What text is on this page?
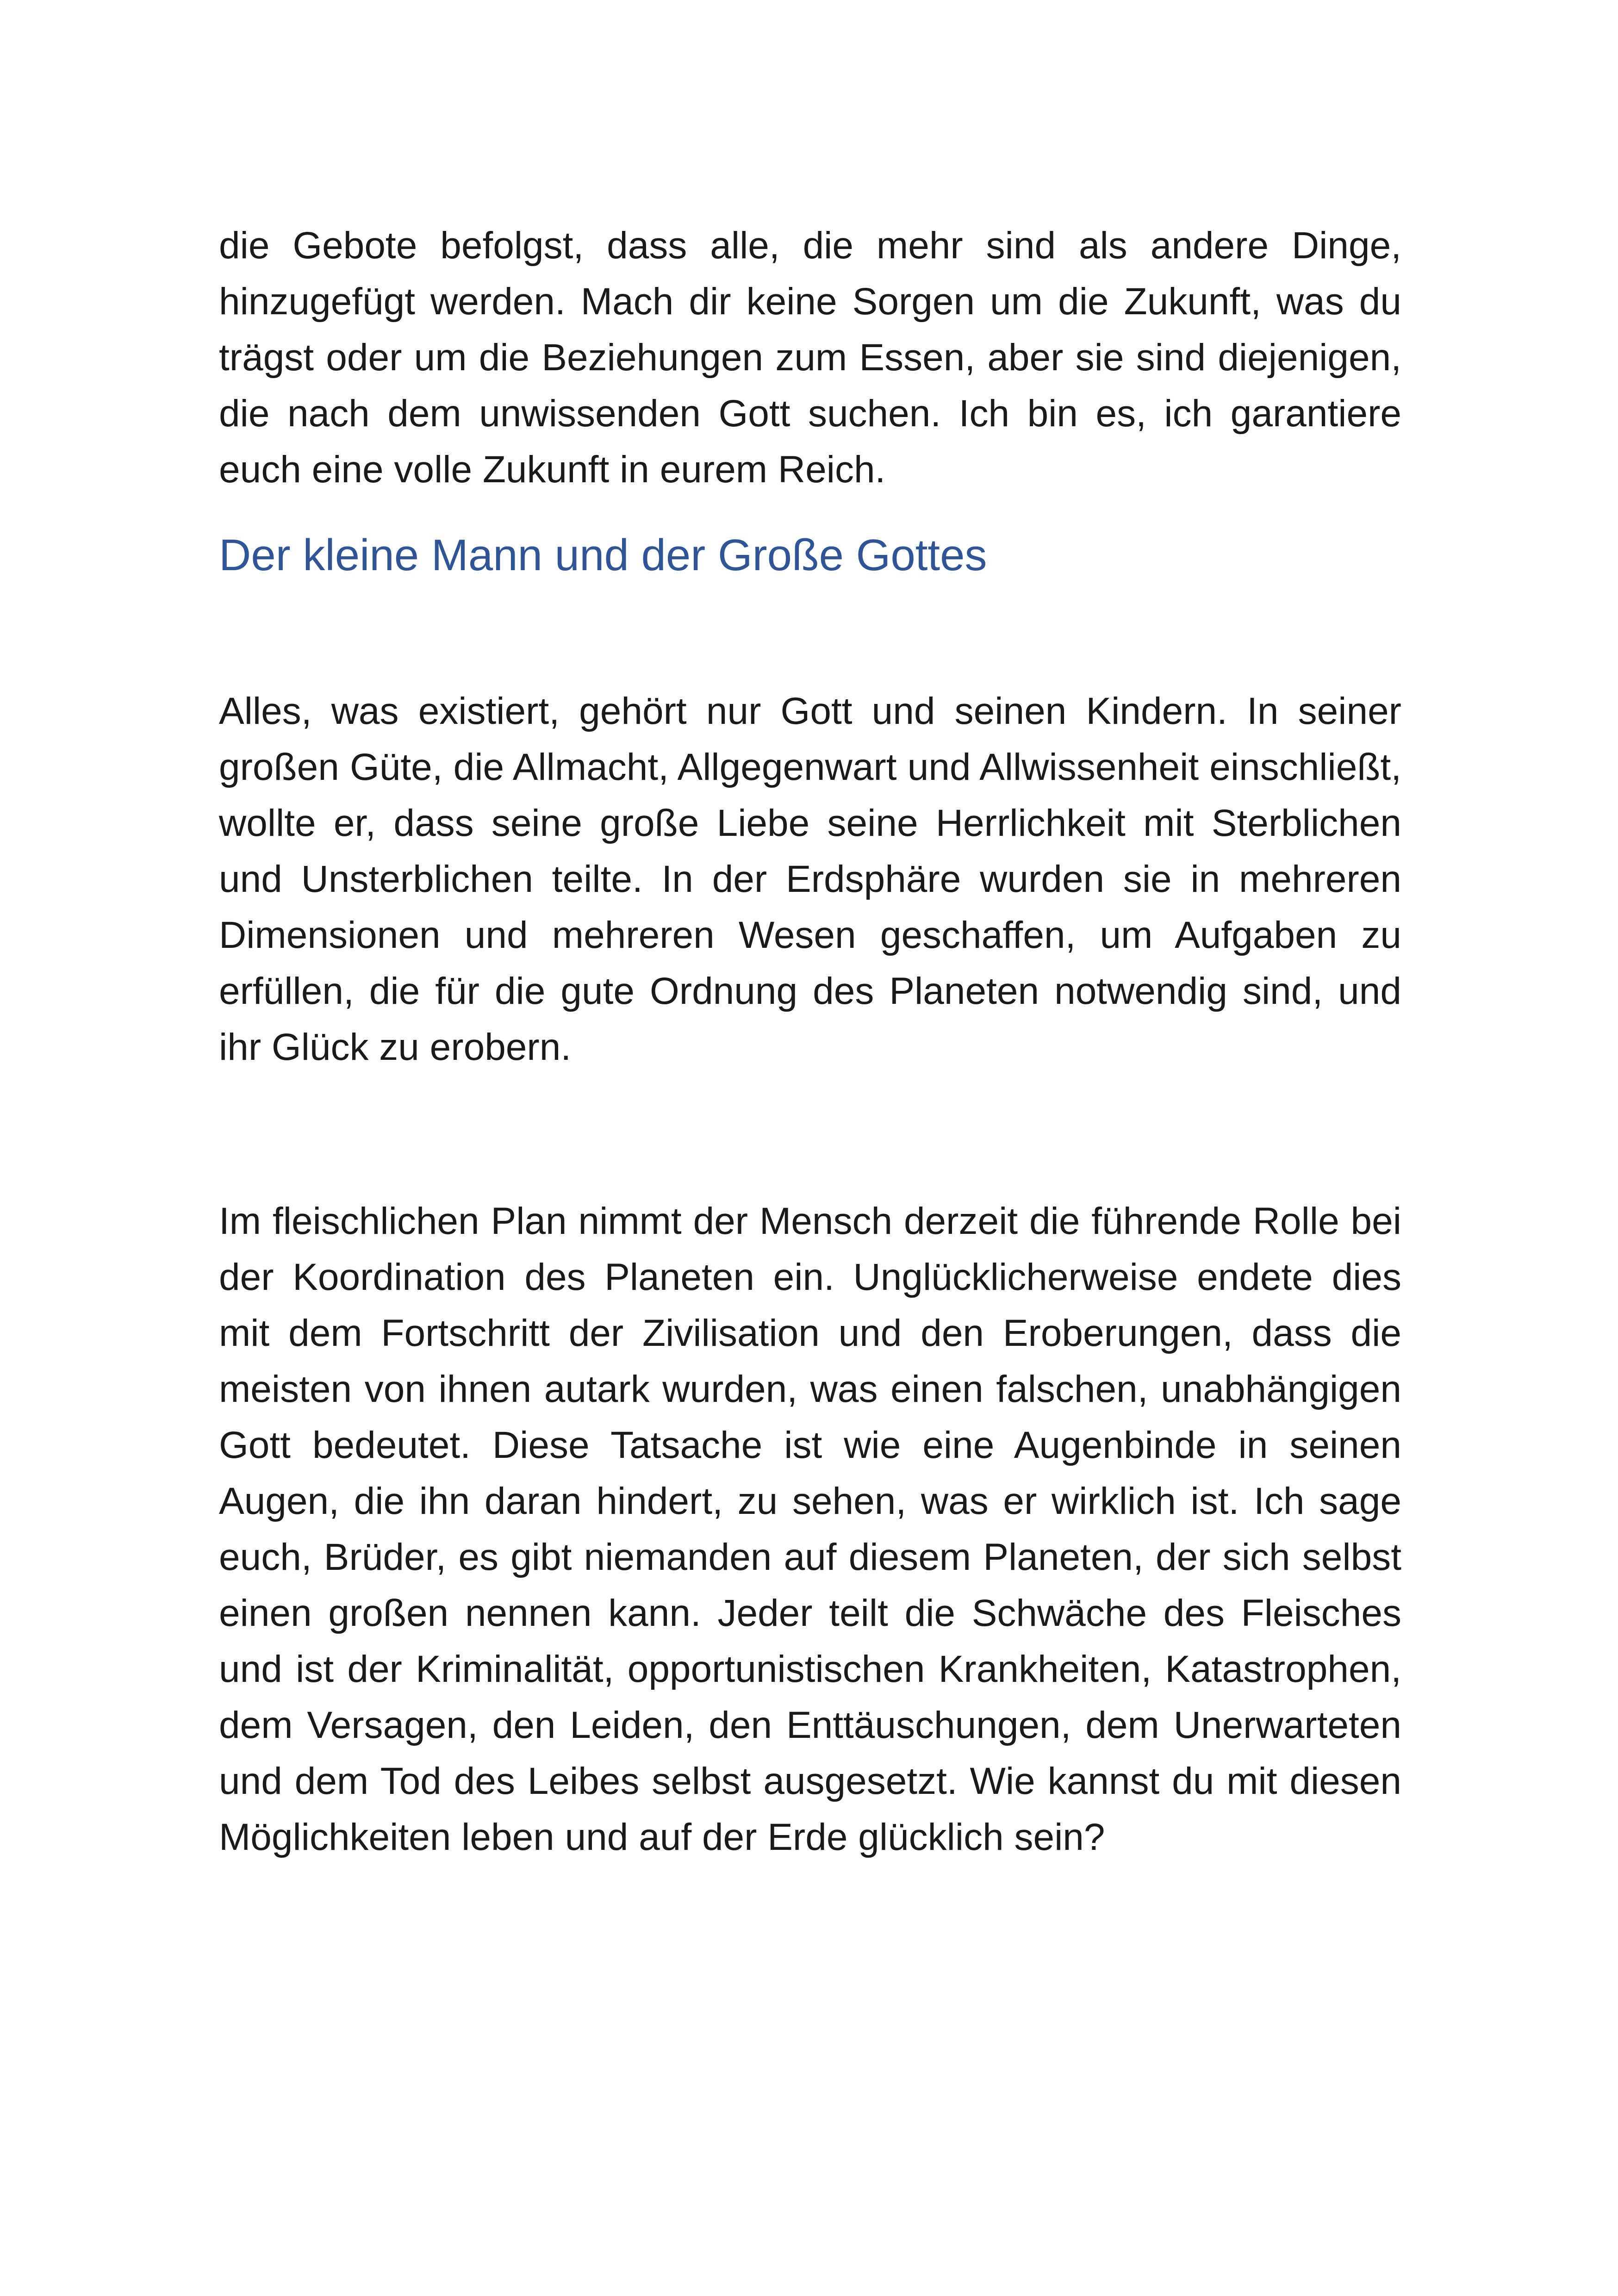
die Gebote befolgst, dass alle, die mehr sind als andere Dinge, hinzugefügt werden. Mach dir keine Sorgen um die Zukunft, was du trägst oder um die Beziehungen zum Essen, aber sie sind diejenigen, die nach dem unwissenden Gott suchen. Ich bin es, ich garantiere euch eine volle Zukunft in eurem Reich.

Der kleine Mann und der Große Gottes

Alles, was existiert, gehört nur Gott und seinen Kindern. In seiner großen Güte, die Allmacht, Allgegenwart und Allwissenheit einschließt, wollte er, dass seine große Liebe seine Herrlichkeit mit Sterblichen und Unsterblichen teilte. In der Erdsphäre wurden sie in mehreren Dimensionen und mehreren Wesen geschaffen, um Aufgaben zu erfüllen, die für die gute Ordnung des Planeten notwendig sind, und ihr Glück zu erobern.

Im fleischlichen Plan nimmt der Mensch derzeit die führende Rolle bei der Koordination des Planeten ein. Unglücklicherweise endete dies mit dem Fortschritt der Zivilisation und den Eroberungen, dass die meisten von ihnen autark wurden, was einen falschen, unabhängigen Gott bedeutet. Diese Tatsache ist wie eine Augenbinde in seinen Augen, die ihn daran hindert, zu sehen, was er wirklich ist. Ich sage euch, Brüder, es gibt niemanden auf diesem Planeten, der sich selbst einen großen nennen kann. Jeder teilt die Schwäche des Fleisches und ist der Kriminalität, opportunistischen Krankheiten, Katastrophen, dem Versagen, den Leiden, den Enttäuschungen, dem Unerwarteten und dem Tod des Leibes selbst ausgesetzt. Wie kannst du mit diesen Möglichkeiten leben und auf der Erde glücklich sein?
